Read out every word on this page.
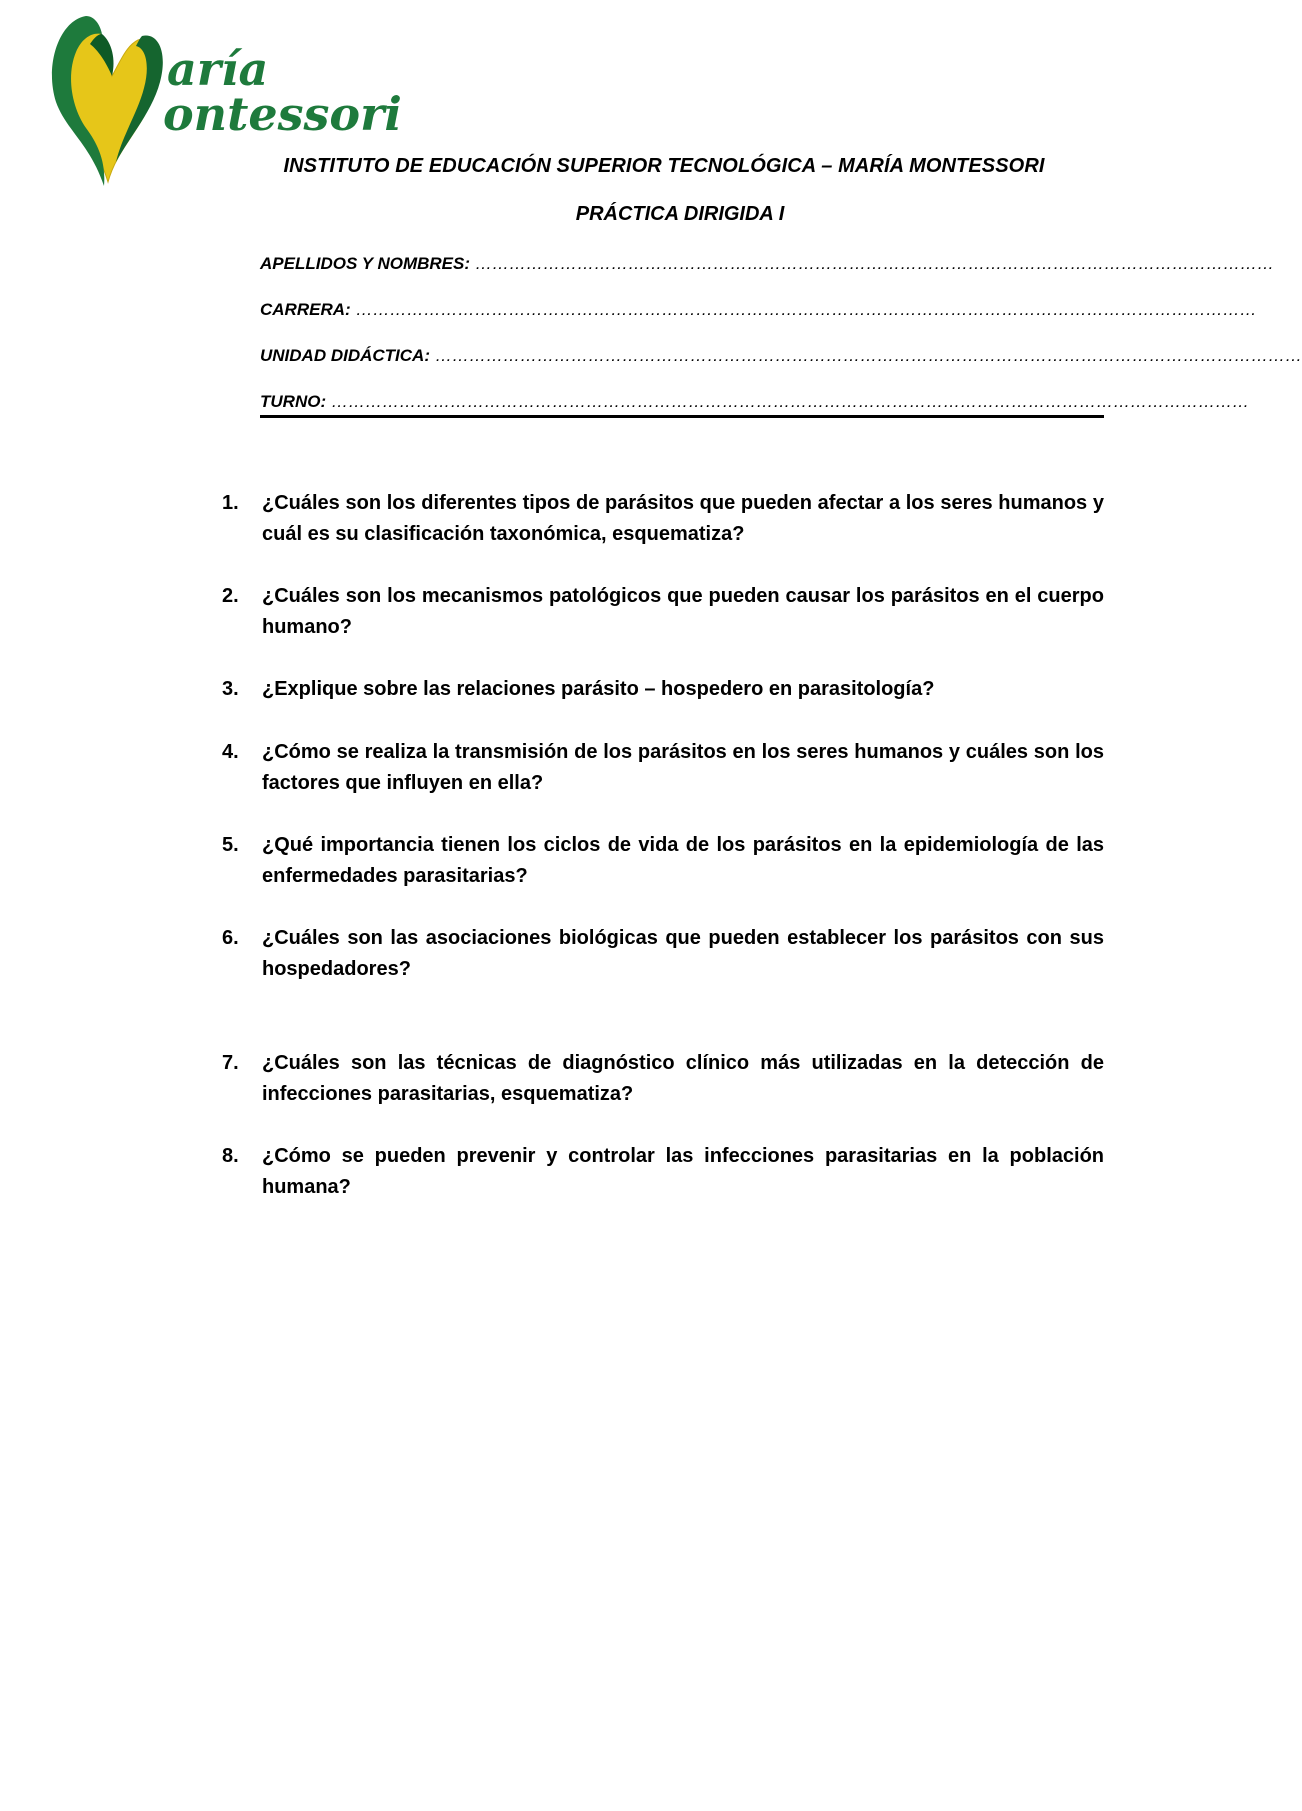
aría
ontessori
INSTITUTO DE EDUCACIÓN SUPERIOR TECNOLÓGICA – MARÍA MONTESSORI
PRÁCTICA DIRIGIDA I
APELLIDOS Y NOMBRES: ……………………………………………………………………………………………………………………………
CARRERA: ……………………………………………………………………………………………………………………………………………
UNIDAD DIDÁCTICA: ………………………………………………………………………………………………………………………………………
TURNO: ………………………………………………………………………………………………………………………………………………
1.	¿Cuáles son los diferentes tipos de parásitos que pueden afectar a los seres humanos y cuál es su clasificación taxonómica, esquematiza?
2.	¿Cuáles son los mecanismos patológicos que pueden causar los parásitos en el cuerpo humano?
3.	¿Explique sobre las relaciones parásito – hospedero en parasitología?
4.	¿Cómo se realiza la transmisión de los parásitos en los seres humanos y cuáles son los factores que influyen en ella?
5.	¿Qué importancia tienen los ciclos de vida de los parásitos en la epidemiología de las enfermedades parasitarias?
6.	¿Cuáles son las asociaciones biológicas que pueden establecer los parásitos con sus hospedadores?
7.	¿Cuáles son las técnicas de diagnóstico clínico más utilizadas en la detección de infecciones parasitarias, esquematiza?
8.	¿Cómo se pueden prevenir y controlar las infecciones parasitarias en la población humana?
